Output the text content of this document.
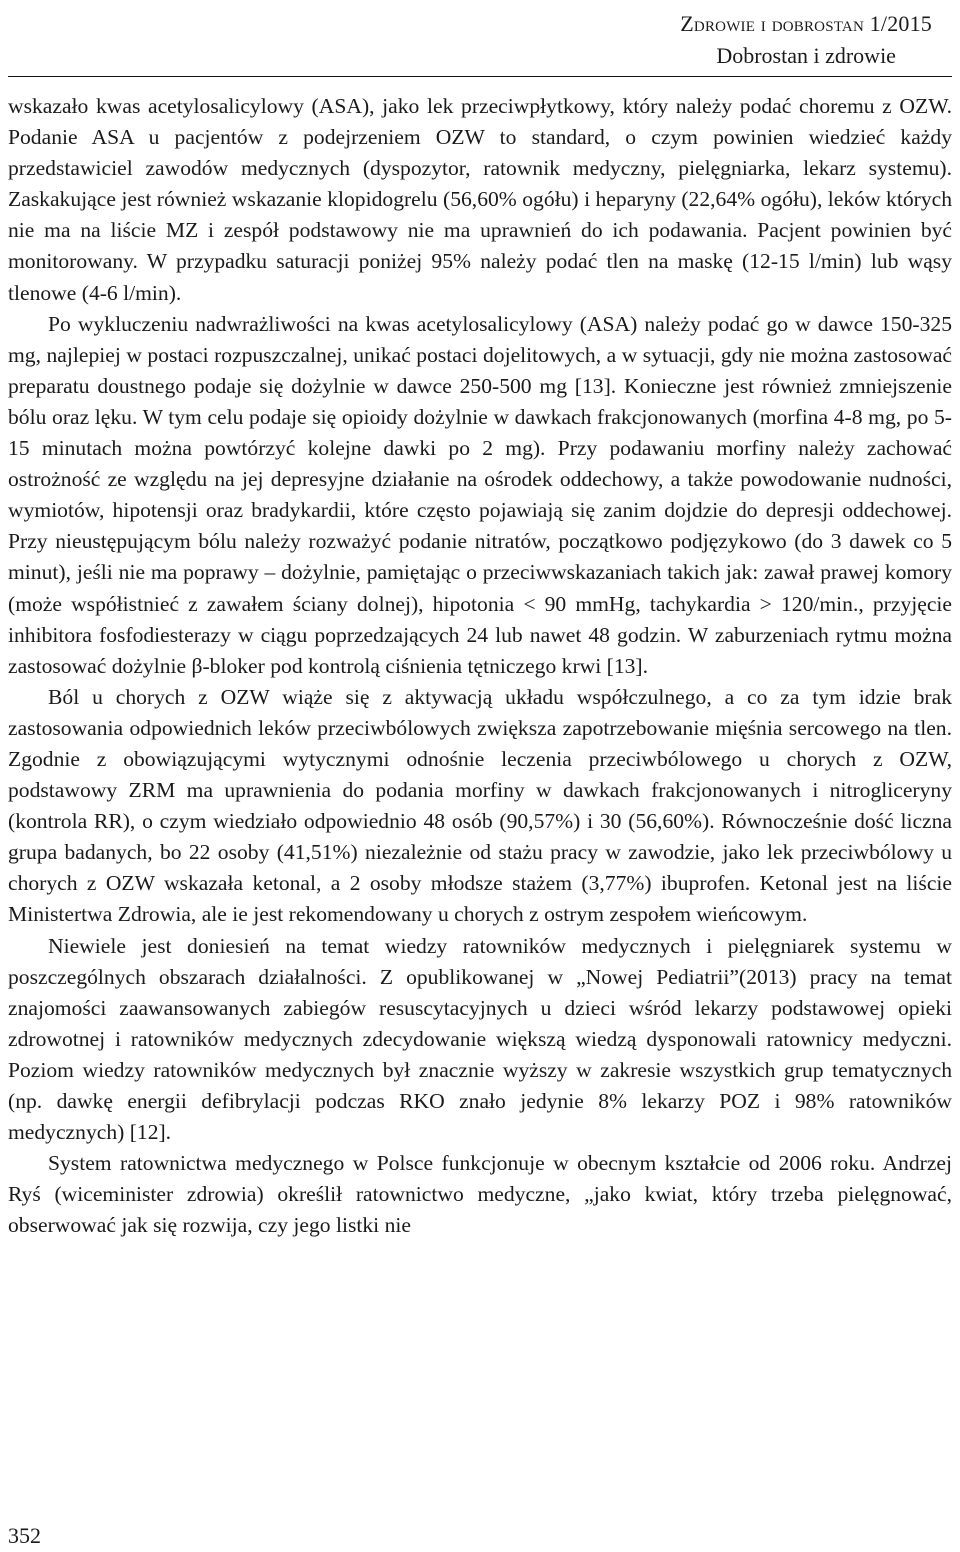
Zdrowie i dobrostan 1/2015
Dobrostan i zdrowie

wskazało kwas acetylosalicylowy (ASA), jako lek przeciwpłytkowy, który należy podać choremu z OZW. Podanie ASA u pacjentów z podejrzeniem OZW to standard, o czym powinien wiedzieć każdy przedstawiciel zawodów medycznych (dyspozytor, ratownik medyczny, pielęgniarka, lekarz systemu). Zaskakujące jest również wskazanie klopidogrelu (56,60% ogółu) i heparyny (22,64% ogółu), leków których nie ma na liście MZ i zespół podstawowy nie ma uprawnień do ich podawania. Pacjent powinien być monitorowany. W przypadku saturacji poniżej 95% należy podać tlen na maskę (12-15 l/min) lub wąsy tlenowe (4-6 l/min).

Po wykluczeniu nadwrażliwości na kwas acetylosalicylowy (ASA) należy podać go w dawce 150-325 mg, najlepiej w postaci rozpuszczalnej, unikać postaci dojelitowych, a w sytuacji, gdy nie można zastosować preparatu doustnego podaje się dożylnie w dawce 250-500 mg [13]. Konieczne jest również zmniejszenie bólu oraz lęku. W tym celu podaje się opioidy dożylnie w dawkach frakcjonowanych (morfina 4-8 mg, po 5-15 minutach można powtórzyć kolejne dawki po 2 mg). Przy podawaniu morfiny należy zachować ostrożność ze względu na jej depresyjne działanie na ośrodek oddechowy, a także powodowanie nudności, wymiotów, hipotensji oraz bradykardii, które często pojawiają się zanim dojdzie do depresji oddechowej. Przy nieustępującym bólu należy rozważyć podanie nitratów, początkowo podjęzykowo (do 3 dawek co 5 minut), jeśli nie ma poprawy – dożylnie, pamiętając o przeciwwskazaniach takich jak: zawał prawej komory (może współistnieć z zawałem ściany dolnej), hipotonia < 90 mmHg, tachykardia > 120/min., przyjęcie inhibitora fosfodiesterazy w ciągu poprzedzających 24 lub nawet 48 godzin. W zaburzeniach rytmu można zastosować dożylnie β-bloker pod kontrolą ciśnienia tętniczego krwi [13].

Ból u chorych z OZW wiąże się z aktywacją układu współczulnego, a co za tym idzie brak zastosowania odpowiednich leków przeciwbólowych zwiększa zapotrzebowanie mięśnia sercowego na tlen. Zgodnie z obowiązującymi wytycznymi odnośnie leczenia przeciwbólowego u chorych z OZW, podstawowy ZRM ma uprawnienia do podania morfiny w dawkach frakcjonowanych i nitrogliceryny (kontrola RR), o czym wiedziało odpowiednio 48 osób (90,57%) i 30 (56,60%). Równocześnie dość liczna grupa badanych, bo 22 osoby (41,51%) niezależnie od stażu pracy w zawodzie, jako lek przeciwbólowy u chorych z OZW wskazała ketonal, a 2 osoby młodsze stażem (3,77%) ibuprofen. Ketonal jest na liście Ministertwa Zdrowia, ale ie jest rekomendowany u chorych z ostrym zespołem wieńcowym.

Niewiele jest doniesień na temat wiedzy ratowników medycznych i pielęgniarek systemu w poszczególnych obszarach działalności. Z opublikowanej w „Nowej Pediatrii”(2013) pracy na temat znajomości zaawansowanych zabiegów resuscytacyjnych u dzieci wśród lekarzy podstawowej opieki zdrowotnej i ratowników medycznych zdecydowanie większą wiedzą dysponowali ratownicy medyczni. Poziom wiedzy ratowników medycznych był znacznie wyższy w zakresie wszystkich grup tematycznych (np. dawkę energii defibrylacji podczas RKO znało jedynie 8% lekarzy POZ i 98% ratowników medycznych) [12].

System ratownictwa medycznego w Polsce funkcjonuje w obecnym kształcie od 2006 roku. Andrzej Ryś (wiceminister zdrowia) określił ratownictwo medyczne, „jako kwiat, który trzeba pielęgnować, obserwować jak się rozwija, czy jego listki nie

352
